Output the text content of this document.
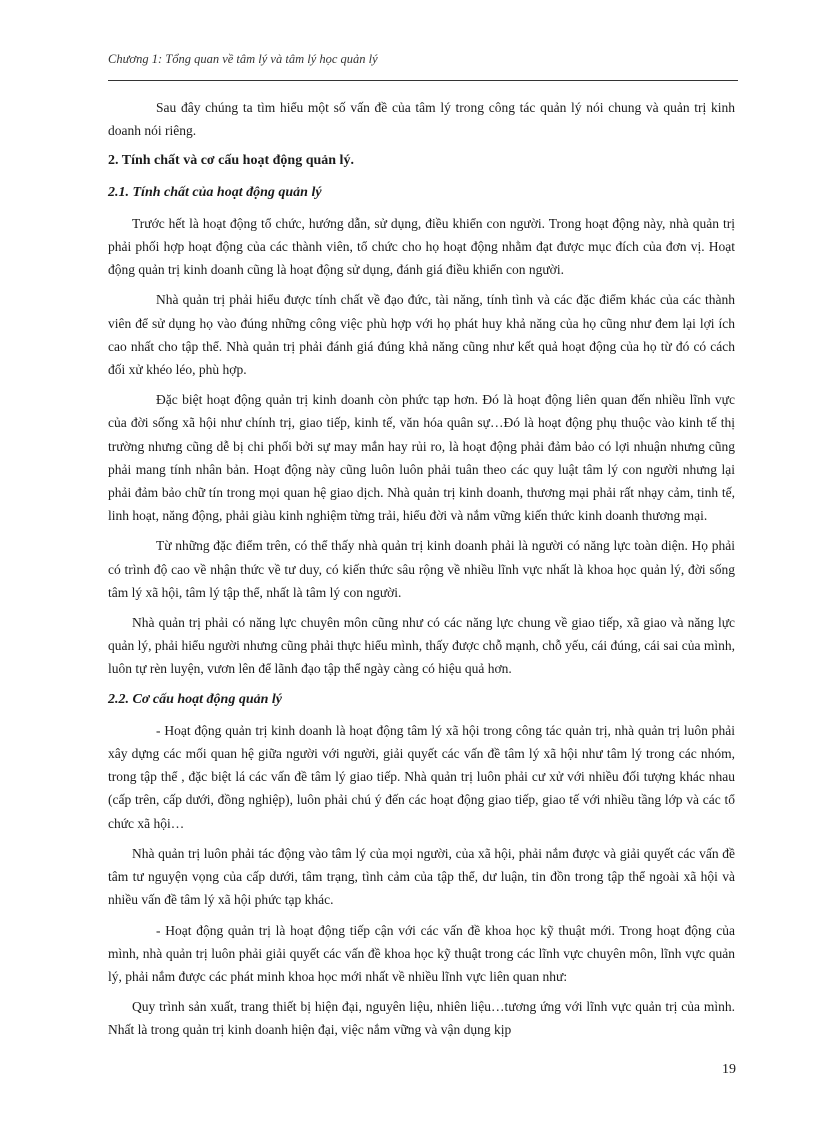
Chương 1: Tổng quan về tâm lý và tâm lý học quản lý

Sau đây chúng ta tìm hiểu một số vấn đề của tâm lý trong công tác quản lý nói chung và quản trị kinh doanh nói riêng.

2. Tính chất và cơ cấu hoạt động quản lý.

2.1. Tính chất của hoạt động quản lý

Trước hết là hoạt động tổ chức, hướng dẫn, sử dụng, điều khiển con người. Trong hoạt động này, nhà quản trị phải phối hợp hoạt động của các thành viên, tổ chức cho họ hoạt động nhằm đạt được mục đích của đơn vị. Hoạt động quản trị kinh doanh cũng là hoạt động sử dụng, đánh giá điều khiển con người.

Nhà quản trị phải hiểu được tính chất về đạo đức, tài năng, tính tình và các đặc điểm khác của các thành viên để sử dụng họ vào đúng những công việc phù hợp với họ phát huy khả năng của họ cũng như đem lại lợi ích cao nhất cho tập thể. Nhà quản trị phải đánh giá đúng khả năng cũng như kết quả hoạt động của họ từ đó có cách đối xử khéo léo, phù hợp.

Đặc biệt hoạt động quản trị kinh doanh còn phức tạp hơn. Đó là hoạt động liên quan đến nhiều lĩnh vực của đời sống xã hội như chính trị, giao tiếp, kinh tế, văn hóa quân sự…Đó là hoạt động phụ thuộc vào kinh tế thị trường nhưng cũng dễ bị chi phối bởi sự may mắn hay rủi ro, là hoạt động phải đảm bảo có lợi nhuận nhưng cũng phải mang tính nhân bản. Hoạt động này cũng luôn luôn phải tuân theo các quy luật tâm lý con người nhưng lại phải đảm bảo chữ tín trong mọi quan hệ giao dịch. Nhà quản trị kinh doanh, thương mại phải rất nhạy cảm, tinh tế, linh hoạt, năng động, phải giàu kinh nghiệm từng trải, hiểu đời và nắm vững kiến thức kinh doanh thương mại.

Từ những đặc điểm trên, có thể thấy nhà quản trị kinh doanh phải là người có năng lực toàn diện. Họ phải có trình độ cao về nhận thức về tư duy, có kiến thức sâu rộng về nhiều lĩnh vực nhất là khoa học quản lý, đời sống tâm lý xã hội, tâm lý tập thể, nhất là tâm lý con người.

Nhà quản trị phải có năng lực chuyên môn cũng như có các năng lực chung về giao tiếp, xã giao và năng lực quản lý, phải hiểu người nhưng cũng phải thực hiểu mình, thấy được chỗ mạnh, chỗ yếu, cái đúng, cái sai của mình, luôn tự rèn luyện, vươn lên để lãnh đạo tập thể ngày càng có hiệu quả hơn.

2.2. Cơ cấu hoạt động quản lý

- Hoạt động quản trị kinh doanh là hoạt động tâm lý xã hội trong công tác quản trị, nhà quản trị luôn phải xây dựng các mối quan hệ giữa người với người, giải quyết các vấn đề tâm lý xã hội như tâm lý trong các nhóm, trong tập thể , đặc biệt lá các vấn đề tâm lý giao tiếp. Nhà quản trị luôn phải cư xử với nhiều đối tượng khác nhau (cấp trên, cấp dưới, đồng nghiệp), luôn phải chú ý đến các hoạt động giao tiếp, giao tế với nhiều tầng lớp và các tổ chức xã hội…

Nhà quản trị luôn phải tác động vào tâm lý của mọi người, của xã hội, phải nắm được và giải quyết các vấn đề tâm tư nguyện vọng của cấp dưới, tâm trạng, tình cảm của tập thể, dư luận, tin đồn trong tập thể ngoài xã hội và nhiều vấn đề tâm lý xã hội phức tạp khác.

- Hoạt động quản trị là hoạt động tiếp cận với các vấn đề khoa học kỹ thuật mới. Trong hoạt động của mình, nhà quản trị luôn phải giải quyết các vấn đề khoa học kỹ thuật trong các lĩnh vực chuyên môn, lĩnh vực quản lý, phải nắm được các phát minh khoa học mới nhất về nhiều lĩnh vực liên quan như:

Quy trình sản xuất, trang thiết bị hiện đại, nguyên liệu, nhiên liệu…tương ứng với lĩnh vực quản trị của mình. Nhất là trong quản trị kinh doanh hiện đại, việc nắm vững và vận dụng kịp

19
